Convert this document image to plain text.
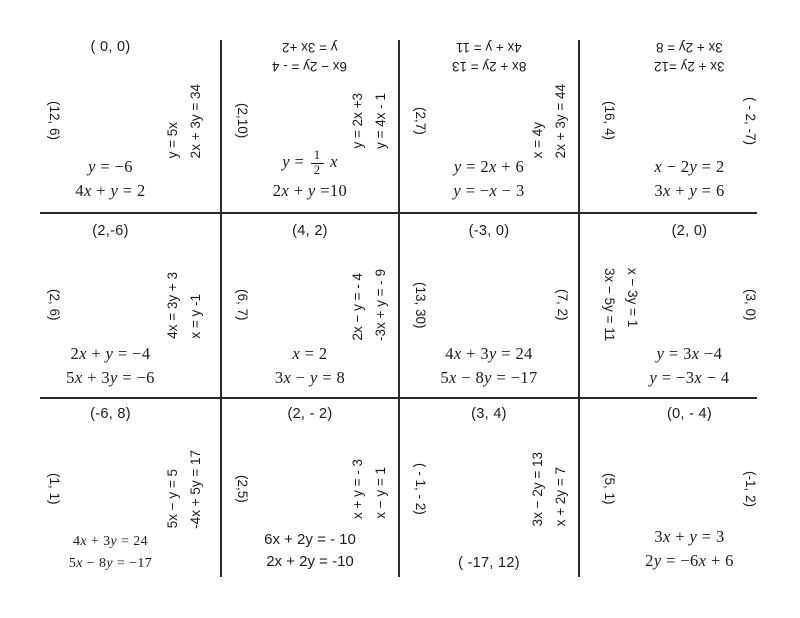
( 0, 0)
y = −6
4x + y = 2
(12, 6)	y = 5x 2x + 3y = 34
y = 3x +2
6x − 2y = - 4
$y = \frac{1}{2}$ x
2x + y =10
(2,10)	y = 2x +3 y = 4x - 1
4x + y = 11
8x + 2y = 13
y = 2x + 6
y = −x − 3
(2,7)
x = 4y 2x + 3y = 44
3x + 2y = 8
3x + 2y =12
x − 2y = 2
3x + y = 6
(16, 4)	( - 2, -7)
(2,-6)
2x + y = −4
5x + 3y = −6
(2, 6)	4x = 3y + 3 x = y -1
(4, 2)
x = 2
3x − y = 8
(6, 7)	2x − y = - 4 -3x + y = - 9
(-3, 0)
4x + 3y = 24
5x − 8y = −17
(13, 30)	(7, 2)
(2, 0)
y = 3x −4
y = −3x − 4
3x − 5y = 11 x − 3y = 1	(3, 0)
(-6, 8)
4x + 3y = 24
5x − 8y = −17
(1, 1)	5x − y = 5 -4x + 5y = 17
(2, - 2)
6x + 2y = - 10
2x + 2y = -10
(2,5)	x + y = - 3 x − y = 1
(3, 4)
( -17, 12)
( - 1, - 2)	3x − 2y = 13 x + 2y = 7
(0, - 4)
3x + y = 3
2y = −6x + 6
(5, 1)	(-1, 2)
